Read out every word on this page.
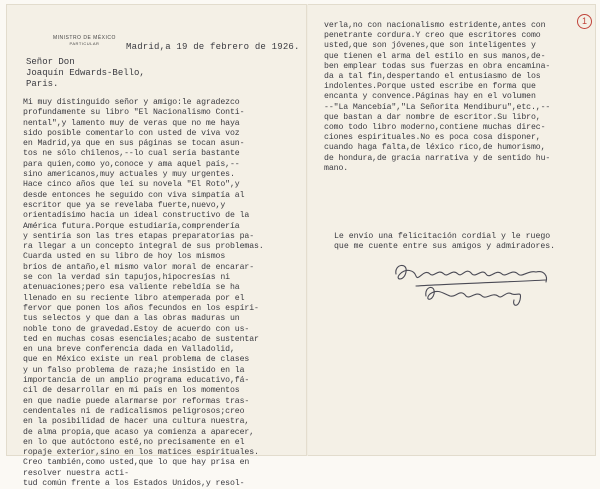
1
MINISTRO DE MÉXICO
PARTICULAR	Madrid,a 19 de febrero de 1926.
Señor Don
Joaquín Edwards-Bello,
Paris.
Mi muy distinguido señor y amigo:le agradezco
profundamente su libro "El Nacionalismo Conti-
nental",y lamento muy de veras que no me haya
sido posible comentarlo con usted de viva voz
en Madrid,ya que en sus páginas se tocan asun-
tos ne sólo chilenos,--lo cual sería bastante
para quien,como yo,conoce y ama aquel país,--
sino americanos,muy actuales y muy urgentes.
Hace cinco años que leí su novela "El Roto",y
desde entonces he seguido con viva simpatía al
escritor que ya se revelaba fuerte,nuevo,y
orientadísimo hacia un ideal constructivo de la
América futura.Porque estudiaría,comprendería
y sentiría son las tres etapas preparatorias pa-
ra llegar a un concepto integral de sus problemas.
Cuarda usted en su libro de hoy los mismos
bríos de antaño,el mismo valor moral de encarar-
se con la verdad sin tapujos,hipocresías ni
atenuaciones;pero esa valiente rebeldía se ha
llenado en su reciente libro atemperada por el
fervor que ponen los años fecundos en los espíri-
tus selectos y que dan a las obras maduras un
noble tono de gravedad.Estoy de acuerdo con us-
ted en muchas cosas esenciales;acabo de sustentar
en una breve conferencia dada en Valladolid,
que en México existe un real problema de clases
y un falso problema de raza;he insistido en la
importancia de un amplio programa educativo,fá-
cil de desarrollar en mi país en los momentos
en que nadie puede alarmarse por reformas tras-
cendentales ni de radicalismos peligrosos;creo
en la posibilidad de hacer una cultura nuestra,
de alma propia,que acaso ya comienza a aparecer,
en lo que autóctono esté,no precisamente en el
ropaje exterior,sino en los matices espirituales.
Creo también,como usted,que lo que hay prisa en
resolver nuestra acti-
tud común frente a los Estados Unidos,y resol-
verla,no con nacionalismo estridente,antes con
penetrante cordura.Y creo que escritores como
usted,que son jóvenes,que son inteligentes y
que tienen el arma del estilo en sus manos,de-
ben emplear todas sus fuerzas en obra encamina-
da a tal fin,despertando el entusiasmo de los
indolentes.Porque usted escribe en forma que
encanta y convence.Páginas hay en el volumen
--"La Mancebía","La Señorita Mendiburu",etc.,--
que bastan a dar nombre de escritor.Su libro,
como todo libro moderno,contiene muchas direc-
ciones espirituales.No es poca cosa disponer,
cuando haga falta,de léxico rico,de humorismo,
de hondura,de gracia narrativa y de sentido hu-
mano.
Le envío una felicitación cordial y le ruego
que me cuente entre sus amigos y admiradores.
